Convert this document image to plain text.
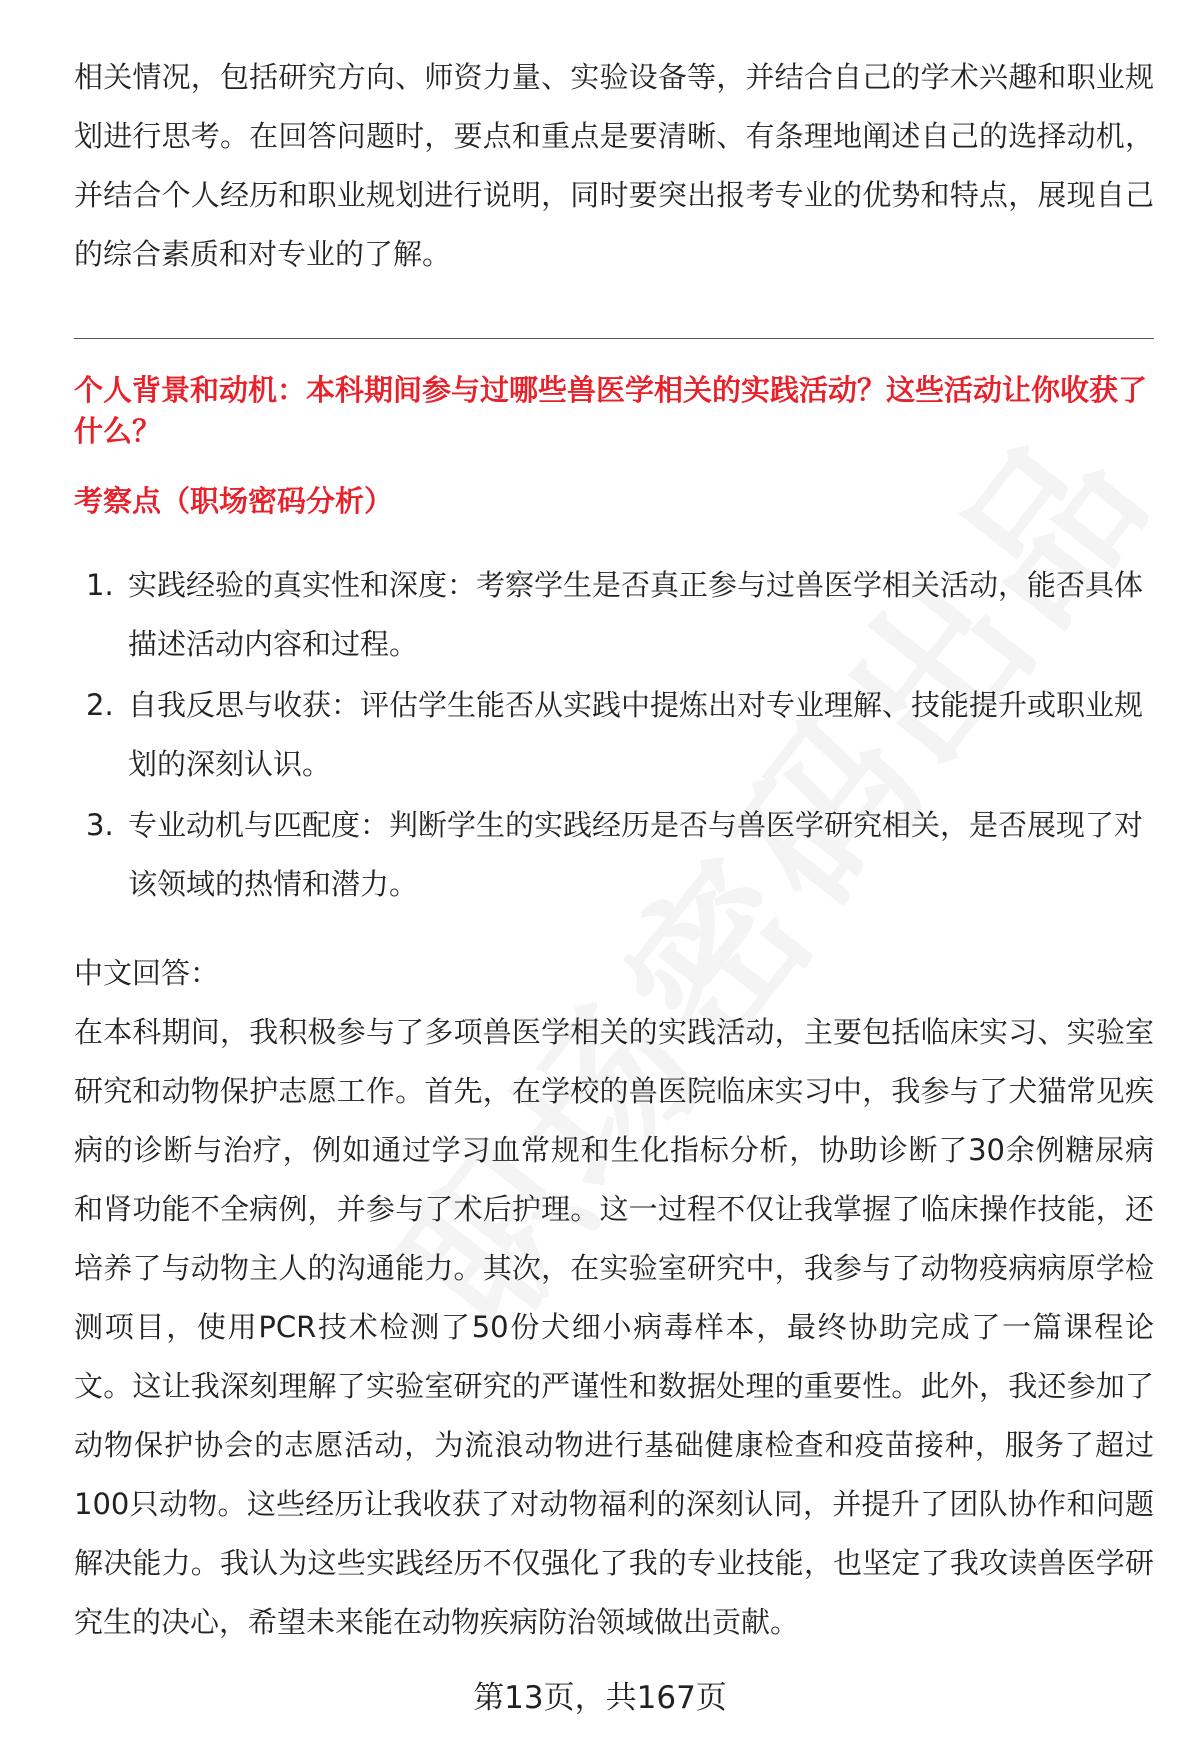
相关情况，包括研究方向、师资力量、实验设备等，并结合自己的学术兴趣和职业规划进行思考。在回答问题时，要点和重点是要清晰、有条理地阐述自己的选择动机，并结合个人经历和职业规划进行说明，同时要突出报考专业的优势和特点，展现自己的综合素质和对专业的了解。

个人背景和动机：本科期间参与过哪些兽医学相关的实践活动？这些活动让你收获了什么？

考察点（职场密码分析）

1. 实践经验的真实性和深度：考察学生是否真正参与过兽医学相关活动，能否具体描述活动内容和过程。
2. 自我反思与收获：评估学生能否从实践中提炼出对专业理解、技能提升或职业规划的深刻认识。
3. 专业动机与匹配度：判断学生的实践经历是否与兽医学研究相关，是否展现了对该领域的热情和潜力。

中文回答：

在本科期间，我积极参与了多项兽医学相关的实践活动，主要包括临床实习、实验室研究和动物保护志愿工作。首先，在学校的兽医院临床实习中，我参与了犬猫常见疾病的诊断与治疗，例如通过学习血常规和生化指标分析，协助诊断了30余例糖尿病和肾功能不全病例，并参与了术后护理。这一过程不仅让我掌握了临床操作技能，还培养了与动物主人的沟通能力。其次，在实验室研究中，我参与了动物疫病病原学检测项目，使用PCR技术检测了50份犬细小病毒样本，最终协助完成了一篇课程论文。这让我深刻理解了实验室研究的严谨性和数据处理的重要性。此外，我还参加了动物保护协会的志愿活动，为流浪动物进行基础健康检查和疫苗接种，服务了超过100只动物。这些经历让我收获了对动物福利的深刻认同，并提升了团队协作和问题解决能力。我认为这些实践经历不仅强化了我的专业技能，也坚定了我攻读兽医学研究生的决心，希望未来能在动物疾病防治领域做出贡献。

第13页，共167页
